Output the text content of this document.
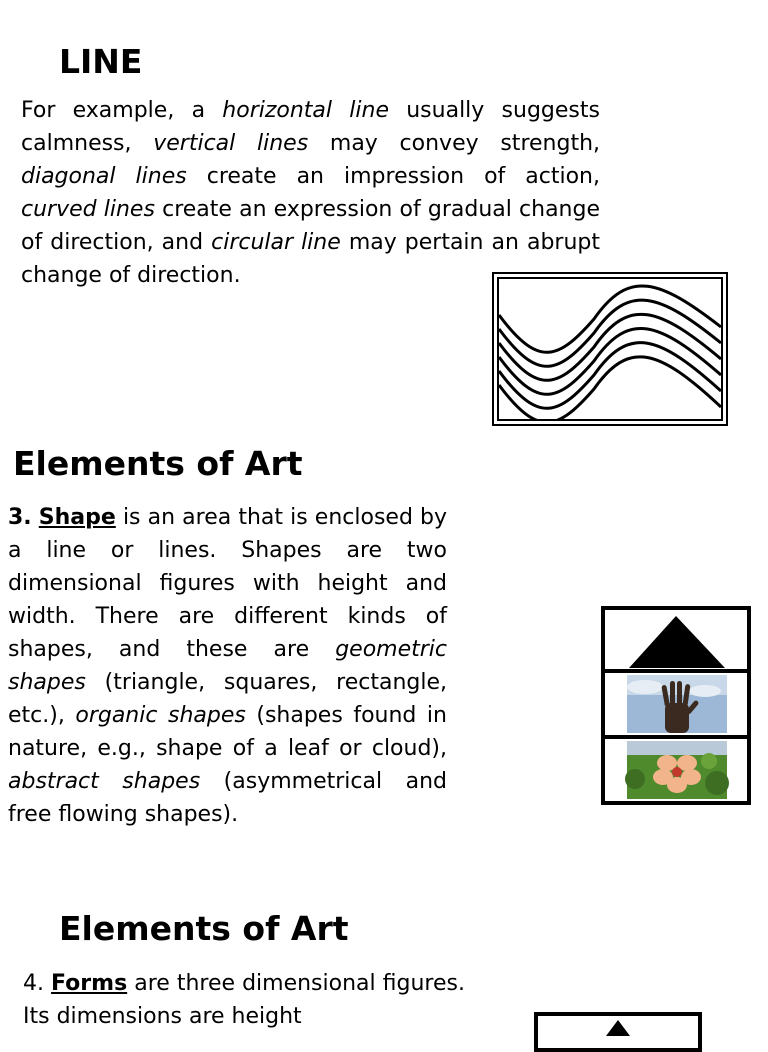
LINE

For example, a horizontal line usually suggests calmness, vertical lines may convey strength, diagonal lines create an impression of action, curved lines create an expression of gradual change of direction, and circular line may pertain an abrupt change of direction.

Elements of Art

3. Shape is an area that is enclosed by a line or lines. Shapes are two dimensional figures with height and width. There are different kinds of shapes, and these are geometric shapes (triangle, squares, rectangle, etc.), organic shapes (shapes found in nature, e.g., shape of a leaf or cloud), abstract shapes (asymmetrical and free flowing shapes).

Elements of Art

4. Forms are three dimensional figures. Its dimensions are height
